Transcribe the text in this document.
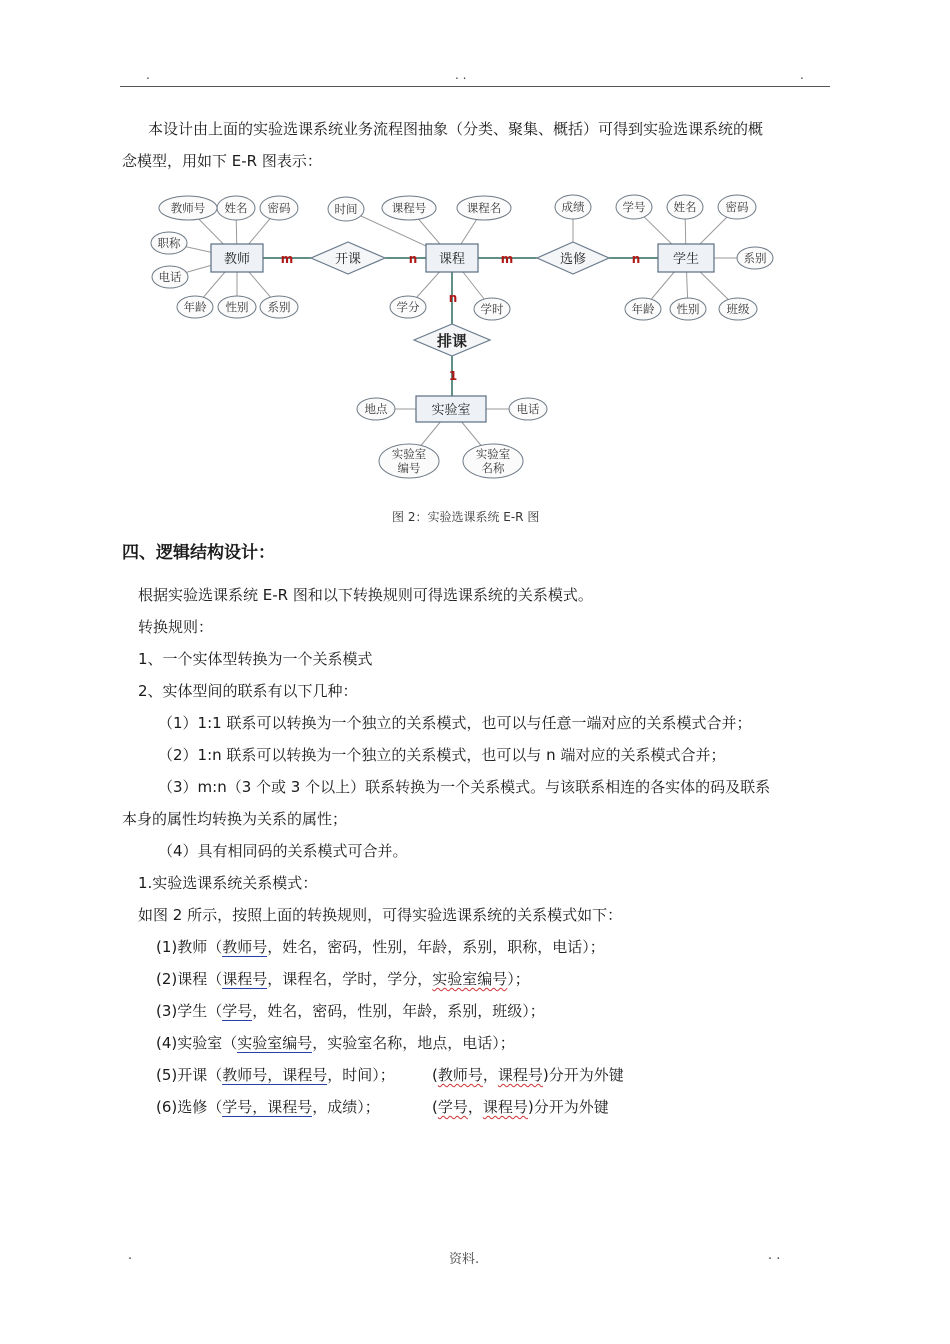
.	. .	.
本设计由上面的实验选课系统业务流程图抽象（分类、聚集、概括）可得到实验选课系统的概
念模型，用如下 E-R 图表示：
教师	课程	学生
实验室
开课	选修
排课
m	n	m	n
n
1
教师号 姓名 密码
职称
电话
年龄 性别 系别
时间	课程号	课程名
学分	学时
成绩	学号 姓名	密码
系别
年龄 性别 班级
地点	电话
实验室
编号
实验室
名称
图 2：实验选课系统 E-R 图
四、逻辑结构设计：
根据实验选课系统 E-R 图和以下转换规则可得选课系统的关系模式。
转换规则：
1、一个实体型转换为一个关系模式
2、实体型间的联系有以下几种：
（1）1:1 联系可以转换为一个独立的关系模式，也可以与任意一端对应的关系模式合并；
（2）1:n 联系可以转换为一个独立的关系模式，也可以与 n 端对应的关系模式合并；
（3）m:n（3 个或 3 个以上）联系转换为一个关系模式。与该联系相连的各实体的码及联系
本身的属性均转换为关系的属性；
（4）具有相同码的关系模式可合并。
1.实验选课系统关系模式：
如图 2 所示，按照上面的转换规则，可得实验选课系统的关系模式如下：
(1)教师（教师号，姓名，密码，性别，年龄，系别，职称，电话）；
(2)课程（课程号，课程名，学时，学分，实验室编号）；
(3)学生（学号，姓名，密码，性别，年龄，系别，班级）；
(4)实验室（实验室编号，实验室名称，地点，电话）；
(5)开课（教师号，课程号，时间）； (教师号，课程号)分开为外键
(6)选修（学号，课程号，成绩）；	(学号，课程号)分开为外键
.	资料.	. .
